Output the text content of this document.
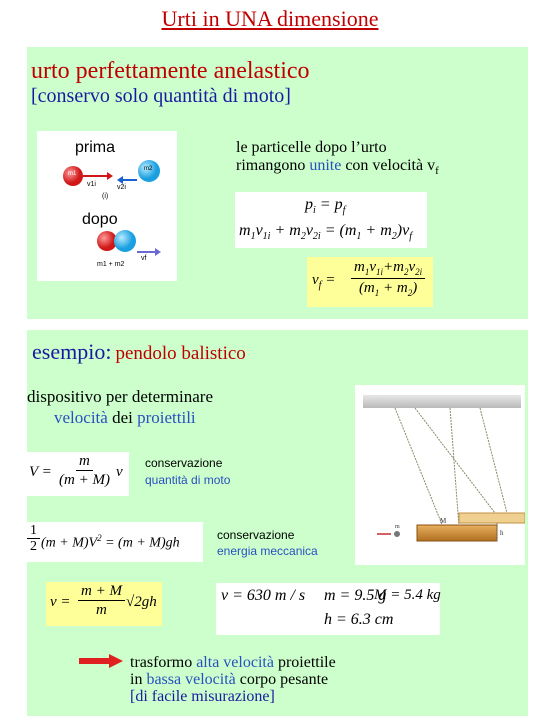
Urti in UNA dimensione
urto perfettamente anelastico
[conservo solo quantità di moto]
prima
dopo
m1
m2
v1i	v2i
(i)
m1 + m2
vf
le particelle dopo l’urto
rimangono unite con velocità $v_f$
$p_i = p_f$
$m_1v_{1i} + m_2v_{2i} = (m_1 + m_2)v_f$
$v_f = \frac{m_1v_{1i}+m_2v_{2i}}{(m_1 + m_2)}$
esempio: pendolo balistico
dispositivo per determinare
velocità dei proiettili
$V = \frac{m}{(m + M)}$ v
conservazione
quantità di moto
$\frac{1}{2} (m + M)V^2 = (m + M)gh$
conservazione
energia meccanica
$v = \frac{m + M}{m} √2gh$	v = 630 m / s m = 9.5 g
M = 5.4 kg
h = 6.3 cm
m
M
h
trasformo alta velocità proiettile
in bassa velocità corpo pesante
[di facile misurazione]
